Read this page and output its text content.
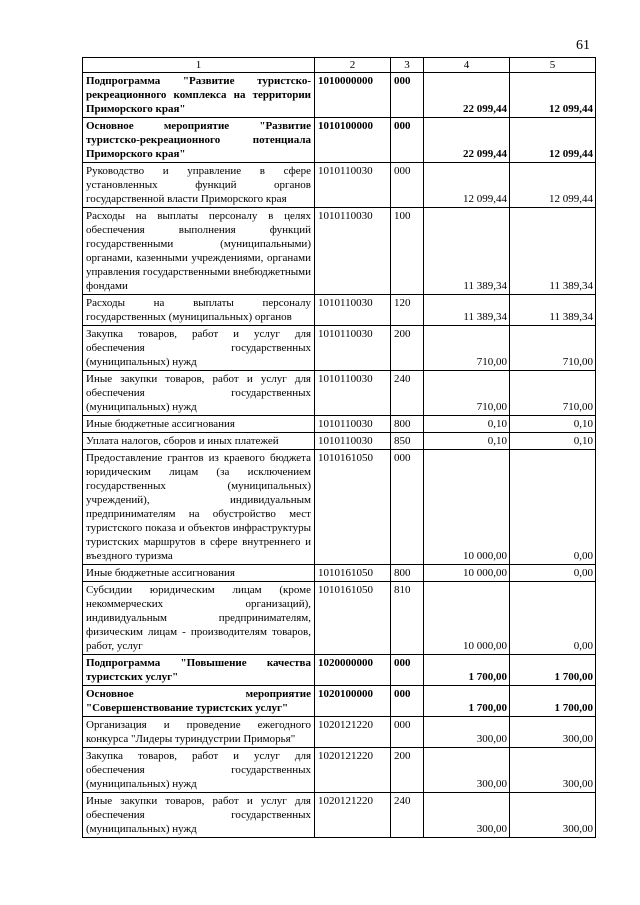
61
1	2	3	4	5
Подпрограмма "Развитие туристско-рекреационного комплекса на территории Приморского края"	1010000000	000	22 099,44	12 099,44
Основное мероприятие "Развитие туристско-рекреационного потенциала Приморского края"	1010100000	000	22 099,44	12 099,44
Руководство и управление в сфере установленных функций органов государственной власти Приморского края	1010110030	000	12 099,44	12 099,44
Расходы на выплаты персоналу в целях обеспечения выполнения функций государственными (муниципальными) органами, казенными учреждениями, органами управления государственными внебюджетными фондами	1010110030	100	11 389,34	11 389,34
Расходы на выплаты персоналу государственных (муниципальных) органов	1010110030	120	11 389,34	11 389,34
Закупка товаров, работ и услуг для обеспечения государственных (муниципальных) нужд	1010110030	200	710,00	710,00
Иные закупки товаров, работ и услуг для обеспечения государственных (муниципальных) нужд	1010110030	240	710,00	710,00
Иные бюджетные ассигнования	1010110030	800	0,10	0,10
Уплата налогов, сборов и иных платежей	1010110030	850	0,10	0,10
Предоставление грантов из краевого бюджета юридическим лицам (за исключением государственных (муниципальных) учреждений), индивидуальным предпринимателям на обустройство мест туристского показа и объектов инфраструктуры туристских маршрутов в сфере внутреннего и въездного туризма	1010161050	000	10 000,00	0,00
Иные бюджетные ассигнования	1010161050	800	10 000,00	0,00
Субсидии юридическим лицам (кроме некоммерческих организаций), индивидуальным предпринимателям, физическим лицам - производителям товаров, работ, услуг	1010161050	810	10 000,00	0,00
Подпрограмма "Повышение качества туристских услуг"	1020000000	000	1 700,00	1 700,00
Основное мероприятие "Совершенствование туристских услуг"	1020100000	000	1 700,00	1 700,00
Организация и проведение ежегодного конкурса "Лидеры туриндустрии Приморья"	1020121220	000	300,00	300,00
Закупка товаров, работ и услуг для обеспечения государственных (муниципальных) нужд	1020121220	200	300,00	300,00
Иные закупки товаров, работ и услуг для обеспечения государственных (муниципальных) нужд	1020121220	240	300,00	300,00
